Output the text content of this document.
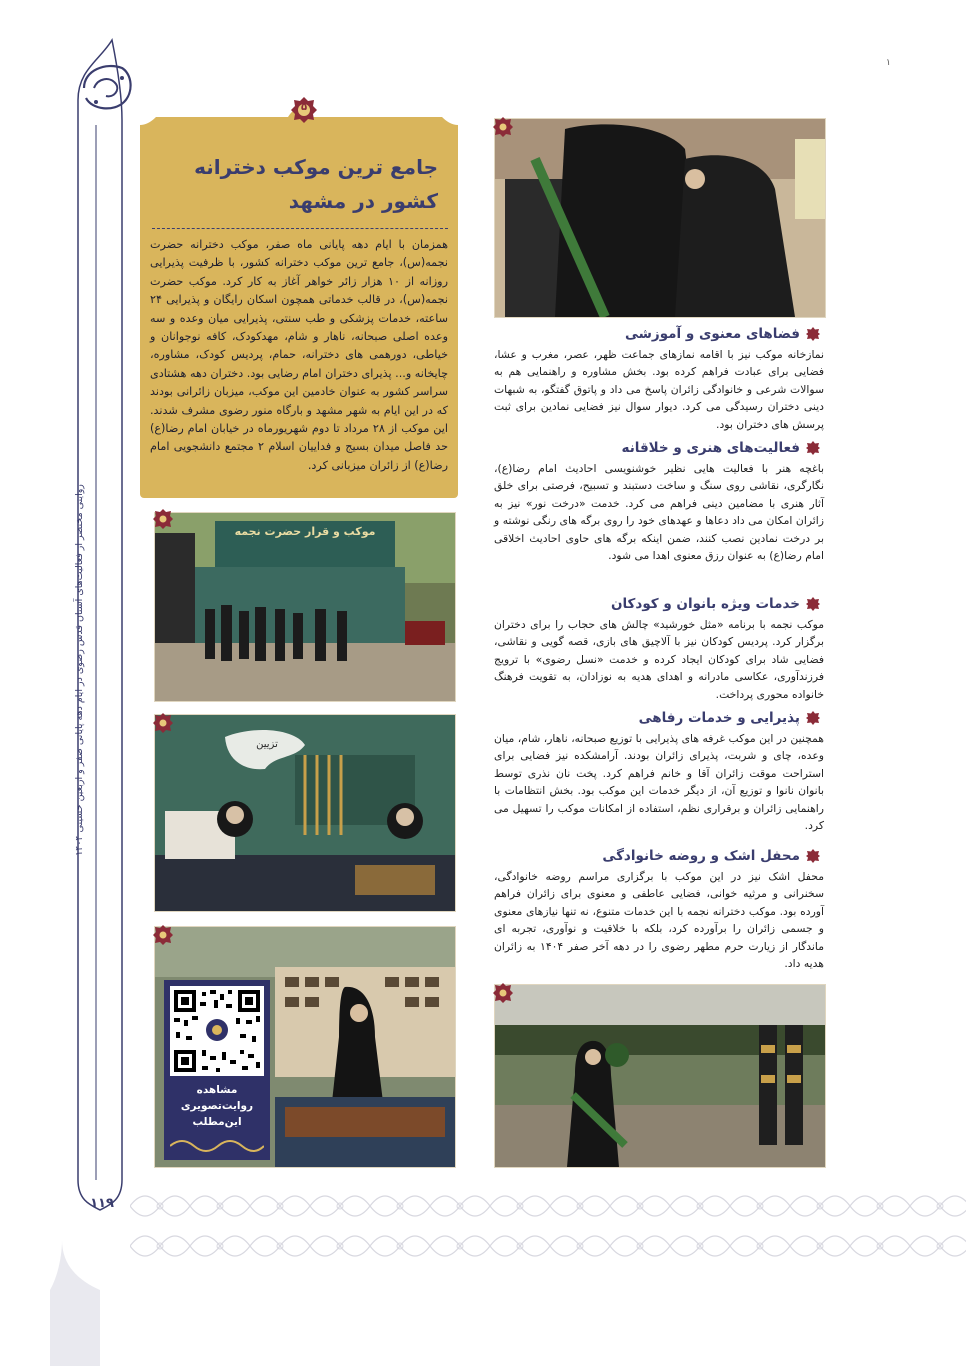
روایتی مختصر از فعالیت‌های آستان قدس رضوی در ایام دهه پایانی صفر و اربعین حسینی ۱۴۰۴
۱۱۹
۱
۵
جامع ترین موکب دخترانه کشور در مشهد
همزمان با ایام دهه پایانی ماه صفر، موکب دخترانه حضرت نجمه(س)، جامع ترین موکب دخترانه کشور، با ظرفیت پذیرایی روزانه از ۱۰ هزار زائر خواهر آغاز به کار کرد. موکب حضرت نجمه(س)، در قالب خدماتی همچون اسکان رایگان و پذیرایی ۲۴ ساعته، خدمات پزشکی و طب سنتی، پذیرایی میان وعده و سه وعده اصلی صبحانه، ناهار و شام، مهدکودک، کافه نوجوانان و خیاطی، دورهمی های دخترانه، حمام، پردیس کودک، مشاوره، چایخانه و... پذیرای دختران امام رضایی بود. دختران دهه هشتادی سراسر کشور به عنوان خادمین این موکب، میزبان زائرانی بودند که در این ایام به شهر مشهد و بارگاه منور رضوی مشرف شدند. این موکب از ۲۸ مرداد تا دوم شهریورماه در خیابان امام رضا(ع) حد فاصل میدان بسیج و فداییان اسلام ۲ مجتمع دانشجویی امام رضا(ع) از زائران میزبانی کرد.
موکب و قرار حضرت نجمه
تزیین
مشاهده
روایت‌تصویری
این‌مطلب
فضاهای معنوی و آموزشی
نمازخانه موکب نیز با اقامه نمازهای جماعت ظهر، عصر، مغرب و عشا، فضایی برای عبادت فراهم کرده بود. بخش مشاوره و راهنمایی هم به سوالات شرعی و خانوادگی زائران پاسخ می داد و پاتوق گفتگو، به شبهات دینی دختران رسیدگی می کرد. دیوار سوال نیز فضایی نمادین برای ثبت پرسش های دختران بود.
فعالیت‌های هنری و خلاقانه
باغچه هنر با فعالیت هایی نظیر خوشنویسی احادیث امام رضا(ع)، نگارگری، نقاشی روی سنگ و ساخت دستبند و تسبیح، فرصتی برای خلق آثار هنری با مضامین دینی فراهم می کرد. خدمت «درخت نور» نیز به زائران امکان می داد دعاها و عهدهای خود را روی برگه های رنگی نوشته و بر درخت نمادین نصب کنند، ضمن اینکه برگه های حاوی احادیث اخلاقی امام رضا(ع) به عنوان رزق معنوی اهدا می شود.
خدمات ویژه بانوان و کودکان
موکب نجمه با برنامه «مثل خورشید» چالش های حجاب را برای دختران برگزار کرد. پردیس کودکان نیز با آلاچیق های بازی، قصه گویی و نقاشی، فضایی شاد برای کودکان ایجاد کرده و خدمت «نسل رضوی» با ترویج فرزندآوری، عکاسی مادرانه و اهدای هدیه به نوزادان، به تقویت فرهنگ خانواده محوری پرداخت.
پذیرایی و خدمات رفاهی
همچنین در این موکب غرفه های پذیرایی با توزیع صبحانه، ناهار، شام، میان وعده، چای و شربت، پذیرای زائران بودند. آرامشکده نیز فضایی برای استراحت موقت زائران آقا و خانم فراهم کرد. پخت نان نذری توسط بانوان نانوا و توزیع آن، از دیگر خدمات این موکب بود. بخش انتظامات با راهنمایی زائران و برقراری نظم، استفاده از امکانات موکب را تسهیل می کرد.
محفل اشک و روضه خانوادگی
محفل اشک نیز در این موکب با برگزاری مراسم روضه خانوادگی، سخنرانی و مرثیه خوانی، فضایی عاطفی و معنوی برای زائران فراهم آورده بود. موکب دخترانه نجمه با این خدمات متنوع، نه تنها نیازهای معنوی و جسمی زائران را برآورده کرد، بلکه با خلاقیت و نوآوری، تجربه ای ماندگار از زیارت حرم مطهر رضوی را در دهه آخر صفر ۱۴۰۴ به زائران هدیه داد.
